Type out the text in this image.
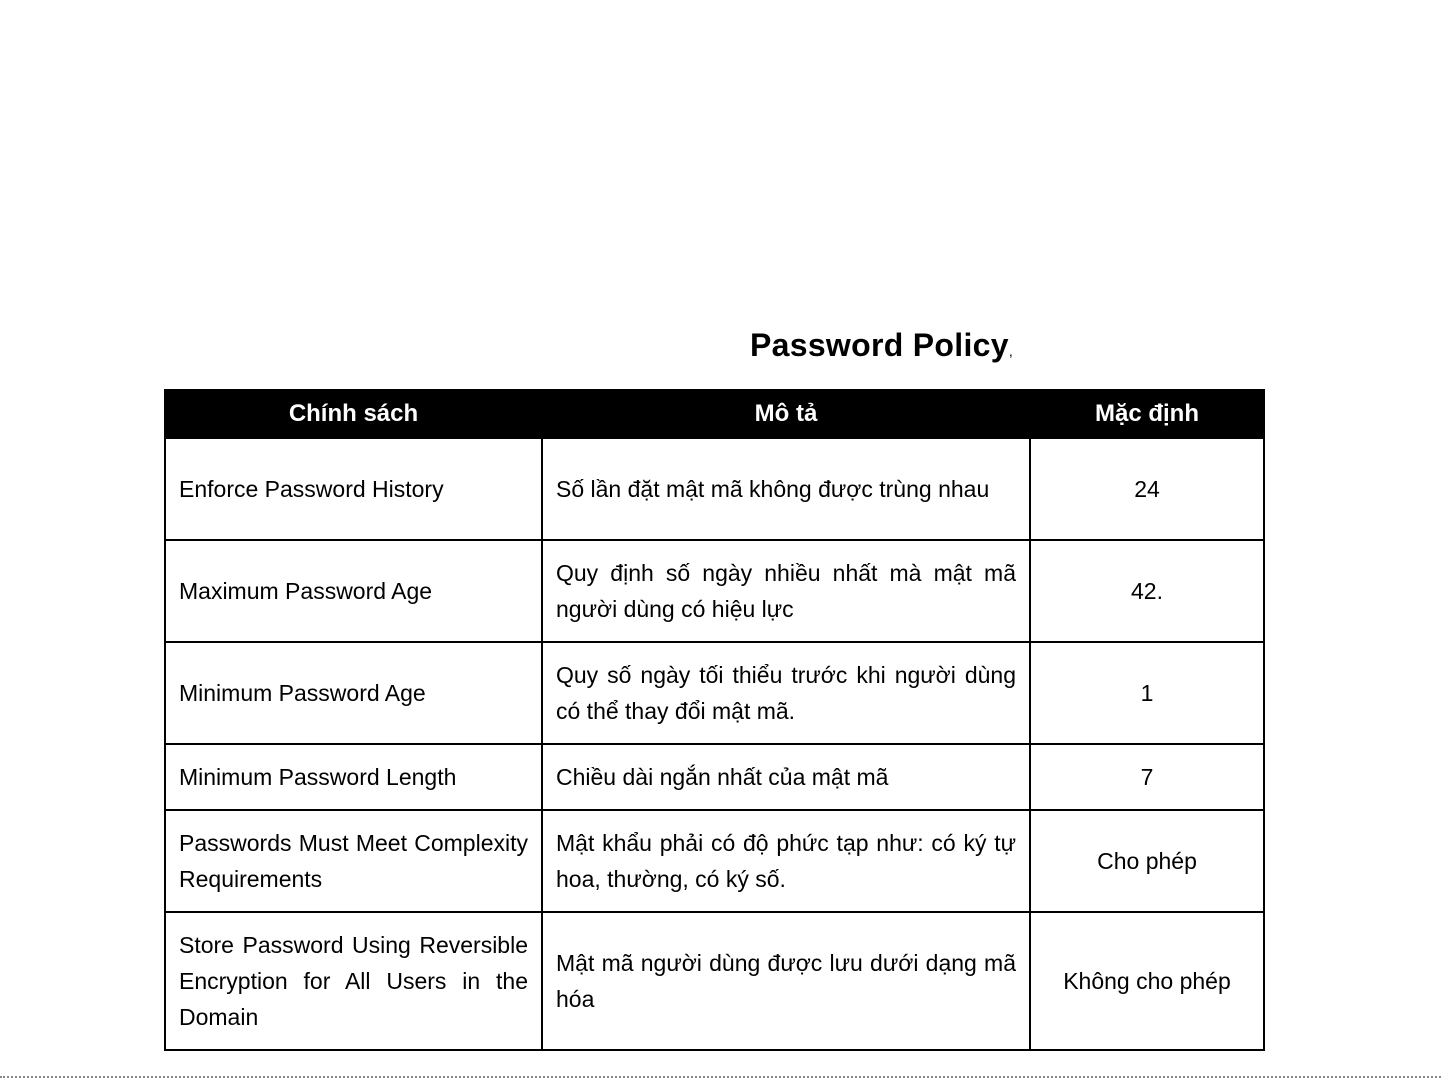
Password Policy,
Chính sách	Mô tả	Mặc định
Enforce Password History	Số lần đặt mật mã không được trùng nhau	24
Maximum Password Age	Quy định số ngày nhiều nhất mà mật mã người dùng có hiệu lực	42.
Minimum Password Age	Quy số ngày tối thiểu trước khi người dùng có thể thay đổi mật mã.	1
Minimum Password Length	Chiều dài ngắn nhất của mật mã	7
Passwords Must Meet Complexity Requirements	Mật khẩu phải có độ phức tạp như: có ký tự hoa, thường, có ký số.	Cho phép
Store Password Using Reversible Encryption for All Users in the Domain	Mật mã người dùng được lưu dưới dạng mã hóa	Không cho phép
